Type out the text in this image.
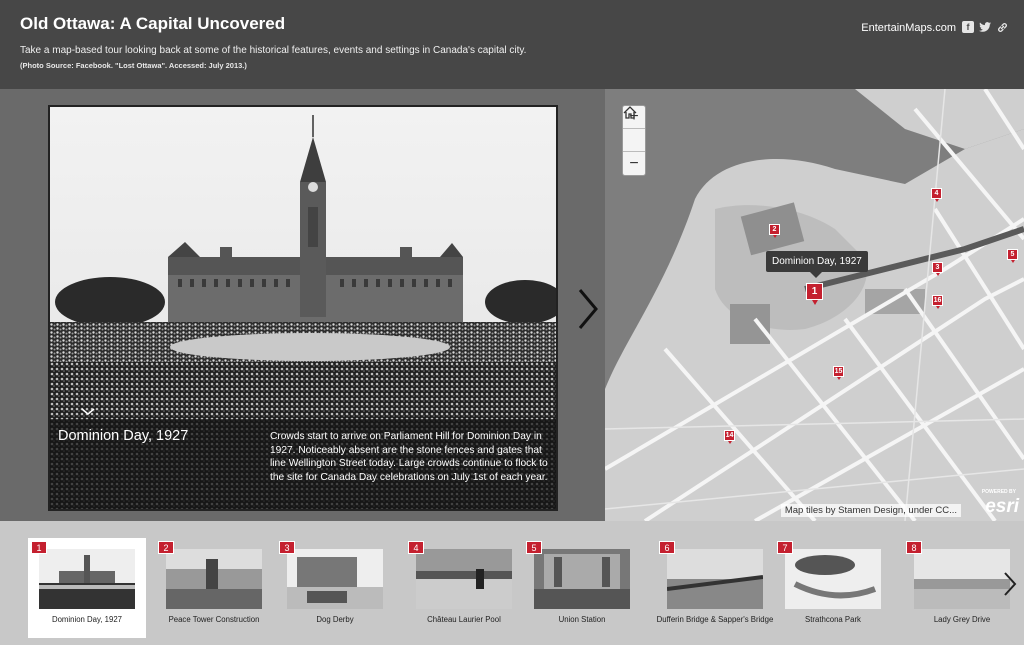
Old Ottawa: A Capital Uncovered
Take a map-based tour looking back at some of the historical features, events and settings in Canada's capital city.
(Photo Source: Facebook. "Lost Ottawa". Accessed: July 2013.)
EntertainMaps.com	f
Dominion Day, 1927	Crowds start to arrive on Parliament Hill for Dominion Day in 1927. Noticeably absent are the stone fences and gates that line Wellington Street today. Large crowds continue to flock to the site for Canada Day celebrations on July 1st of each year.
+
−
Dominion Day, 1927
1
2
3
4
5
14
15
16
Map tiles by Stamen Design, under CC...
POWERED BY
esri
1
Dominion Day, 1927
2
Peace Tower Construction
3
Dog Derby
4
Château Laurier Pool
5
Union Station
6
Dufferin Bridge & Sapper's Bridge
7
Strathcona Park
8
Lady Grey Drive
